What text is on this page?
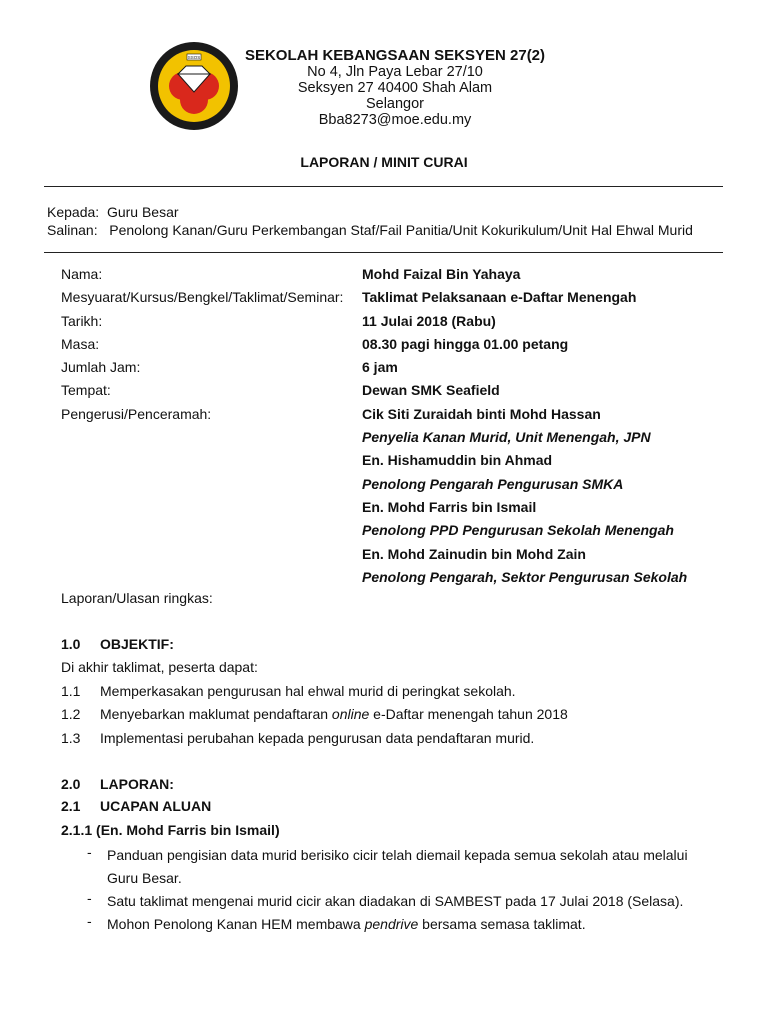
SSOS	SEKOLAH KEBANGSAAN SEKSYEN 27(2)
No 4, Jln Paya Lebar 27/10
Seksyen 27 40400 Shah Alam
Selangor
Bba8273@moe.edu.my
LAPORAN / MINIT CURAI
Kepada: Guru Besar
Salinan: Penolong Kanan/Guru Perkembangan Staf/Fail Panitia/Unit Kokurikulum/Unit Hal Ehwal Murid
Nama:	Mohd Faizal Bin Yahaya
Mesyuarat/Kursus/Bengkel/Taklimat/Seminar: Taklimat Pelaksanaan e-Daftar Menengah
Tarikh:	11 Julai 2018 (Rabu)
Masa:	08.30 pagi hingga 01.00 petang
Jumlah Jam:	6 jam
Tempat:	Dewan SMK Seafield
Pengerusi/Penceramah:	Cik Siti Zuraidah binti Mohd Hassan
Penyelia Kanan Murid, Unit Menengah, JPN
En. Hishamuddin bin Ahmad
Penolong Pengarah Pengurusan SMKA
En. Mohd Farris bin Ismail
Penolong PPD Pengurusan Sekolah Menengah
En. Mohd Zainudin bin Mohd Zain
Penolong Pengarah, Sektor Pengurusan Sekolah
Laporan/Ulasan ringkas:
1.0 OBJEKTIF:
Di akhir taklimat, peserta dapat:
1.1 Memperkasakan pengurusan hal ehwal murid di peringkat sekolah.
1.2 Menyebarkan maklumat pendaftaran online e-Daftar menengah tahun 2018
1.3 Implementasi perubahan kepada pengurusan data pendaftaran murid.
2.0 LAPORAN:
2.1 UCAPAN ALUAN
2.1.1 (En. Mohd Farris bin Ismail)
- Panduan pengisian data murid berisiko cicir telah diemail kepada semua sekolah atau melalui Guru Besar.
- Satu taklimat mengenai murid cicir akan diadakan di SAMBEST pada 17 Julai 2018 (Selasa).
- Mohon Penolong Kanan HEM membawa pendrive bersama semasa taklimat.
